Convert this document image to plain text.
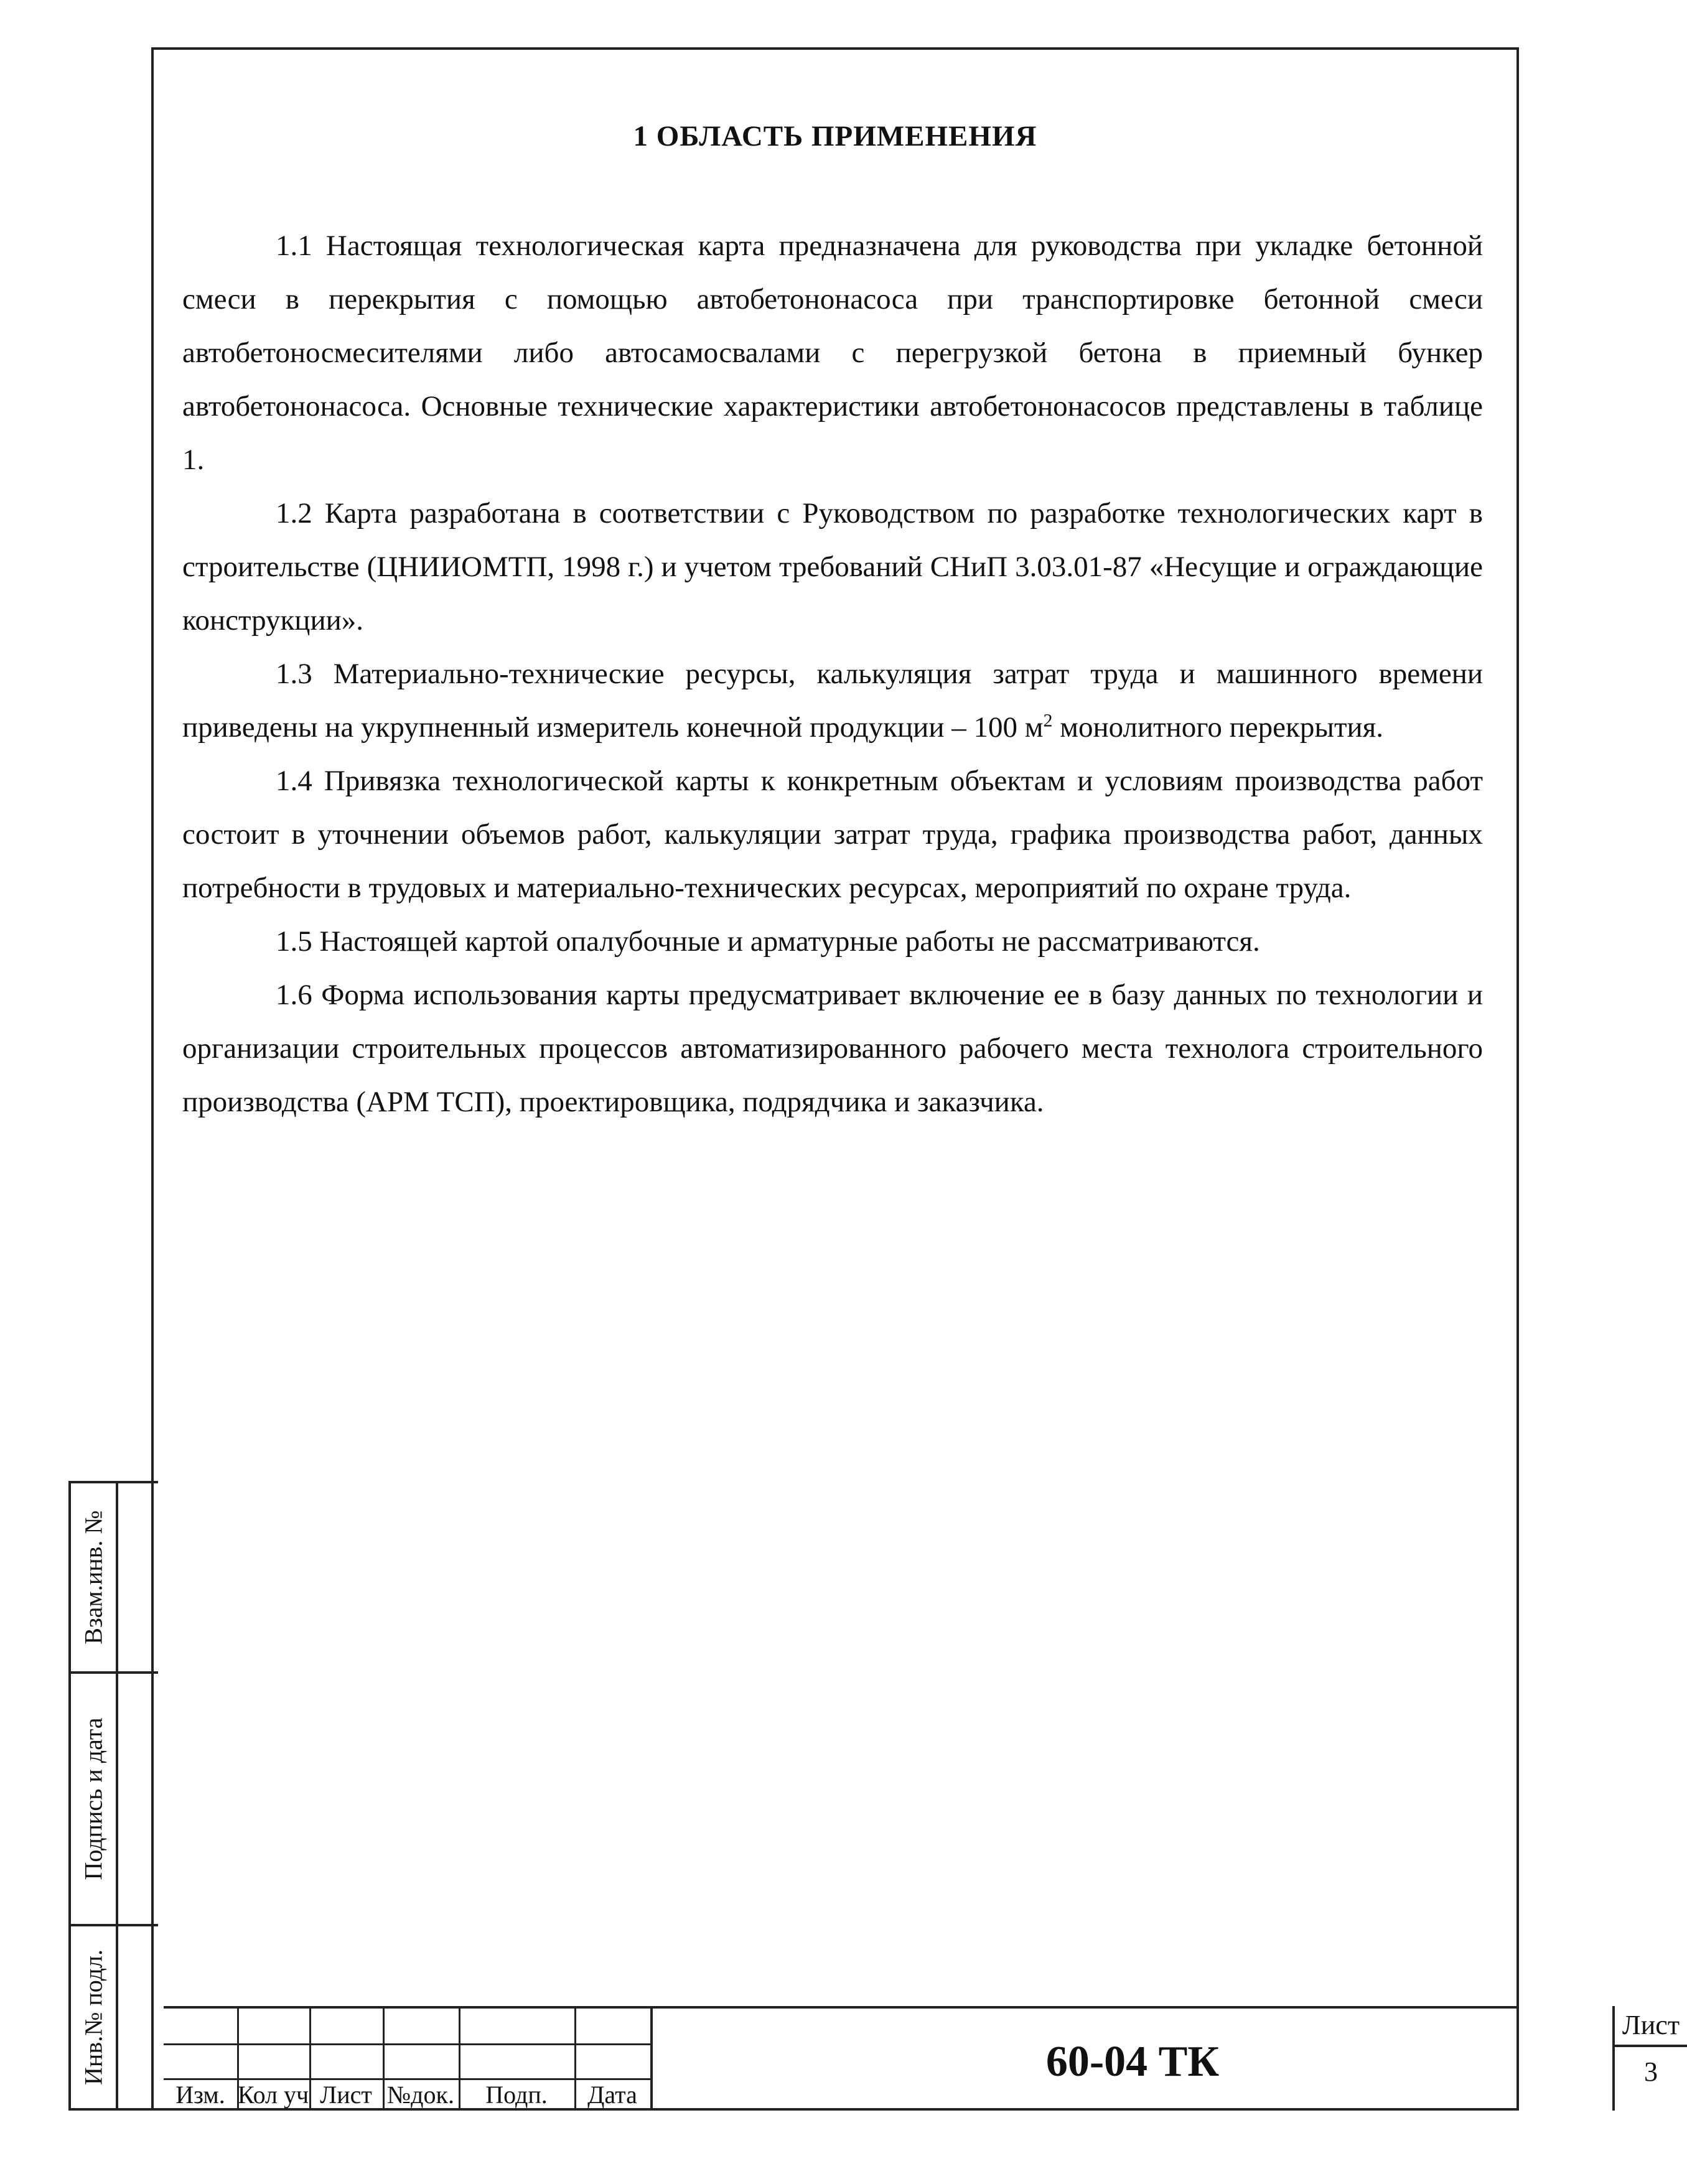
1 ОБЛАСТЬ ПРИМЕНЕНИЯ

1.1 Настоящая технологическая карта предназначена для руководства при укладке бетонной смеси в перекрытия с помощью автобетононасоса при транспортировке бетонной смеси автобетоносмесителями либо автосамосвалами с перегрузкой бетона в приемный бункер автобетононасоса. Основные технические характеристики автобетононасосов представлены в таблице 1.

1.2 Карта разработана в соответствии с Руководством по разработке технологических карт в строительстве (ЦНИИОМТП, 1998 г.) и учетом требований СНиП 3.03.01-87 «Несущие и ограждающие конструкции».

1.3 Материально-технические ресурсы, калькуляция затрат труда и машинного времени приведены на укрупненный измеритель конечной продукции – 100 $м^2$ монолитного перекрытия.

1.4 Привязка технологической карты к конкретным объектам и условиям производства работ состоит в уточнении объемов работ, калькуляции затрат труда, графика производства работ, данных потребности в трудовых и материально-технических ресурсах, мероприятий по охране труда.

1.5 Настоящей картой опалубочные и арматурные работы не рассматриваются.

1.6 Форма использования карты предусматривает включение ее в базу данных по технологии и организации строительных процессов автоматизированного рабочего места технолога строительного производства (АРМ ТСП), проектировщика, подрядчика и заказчика.

Взам.инв. №
Подпись и дата
Инв.№ подл.
Изм. Кол уч Лист №док.	Подп.	Дата
60-04 ТК
Лист
3
